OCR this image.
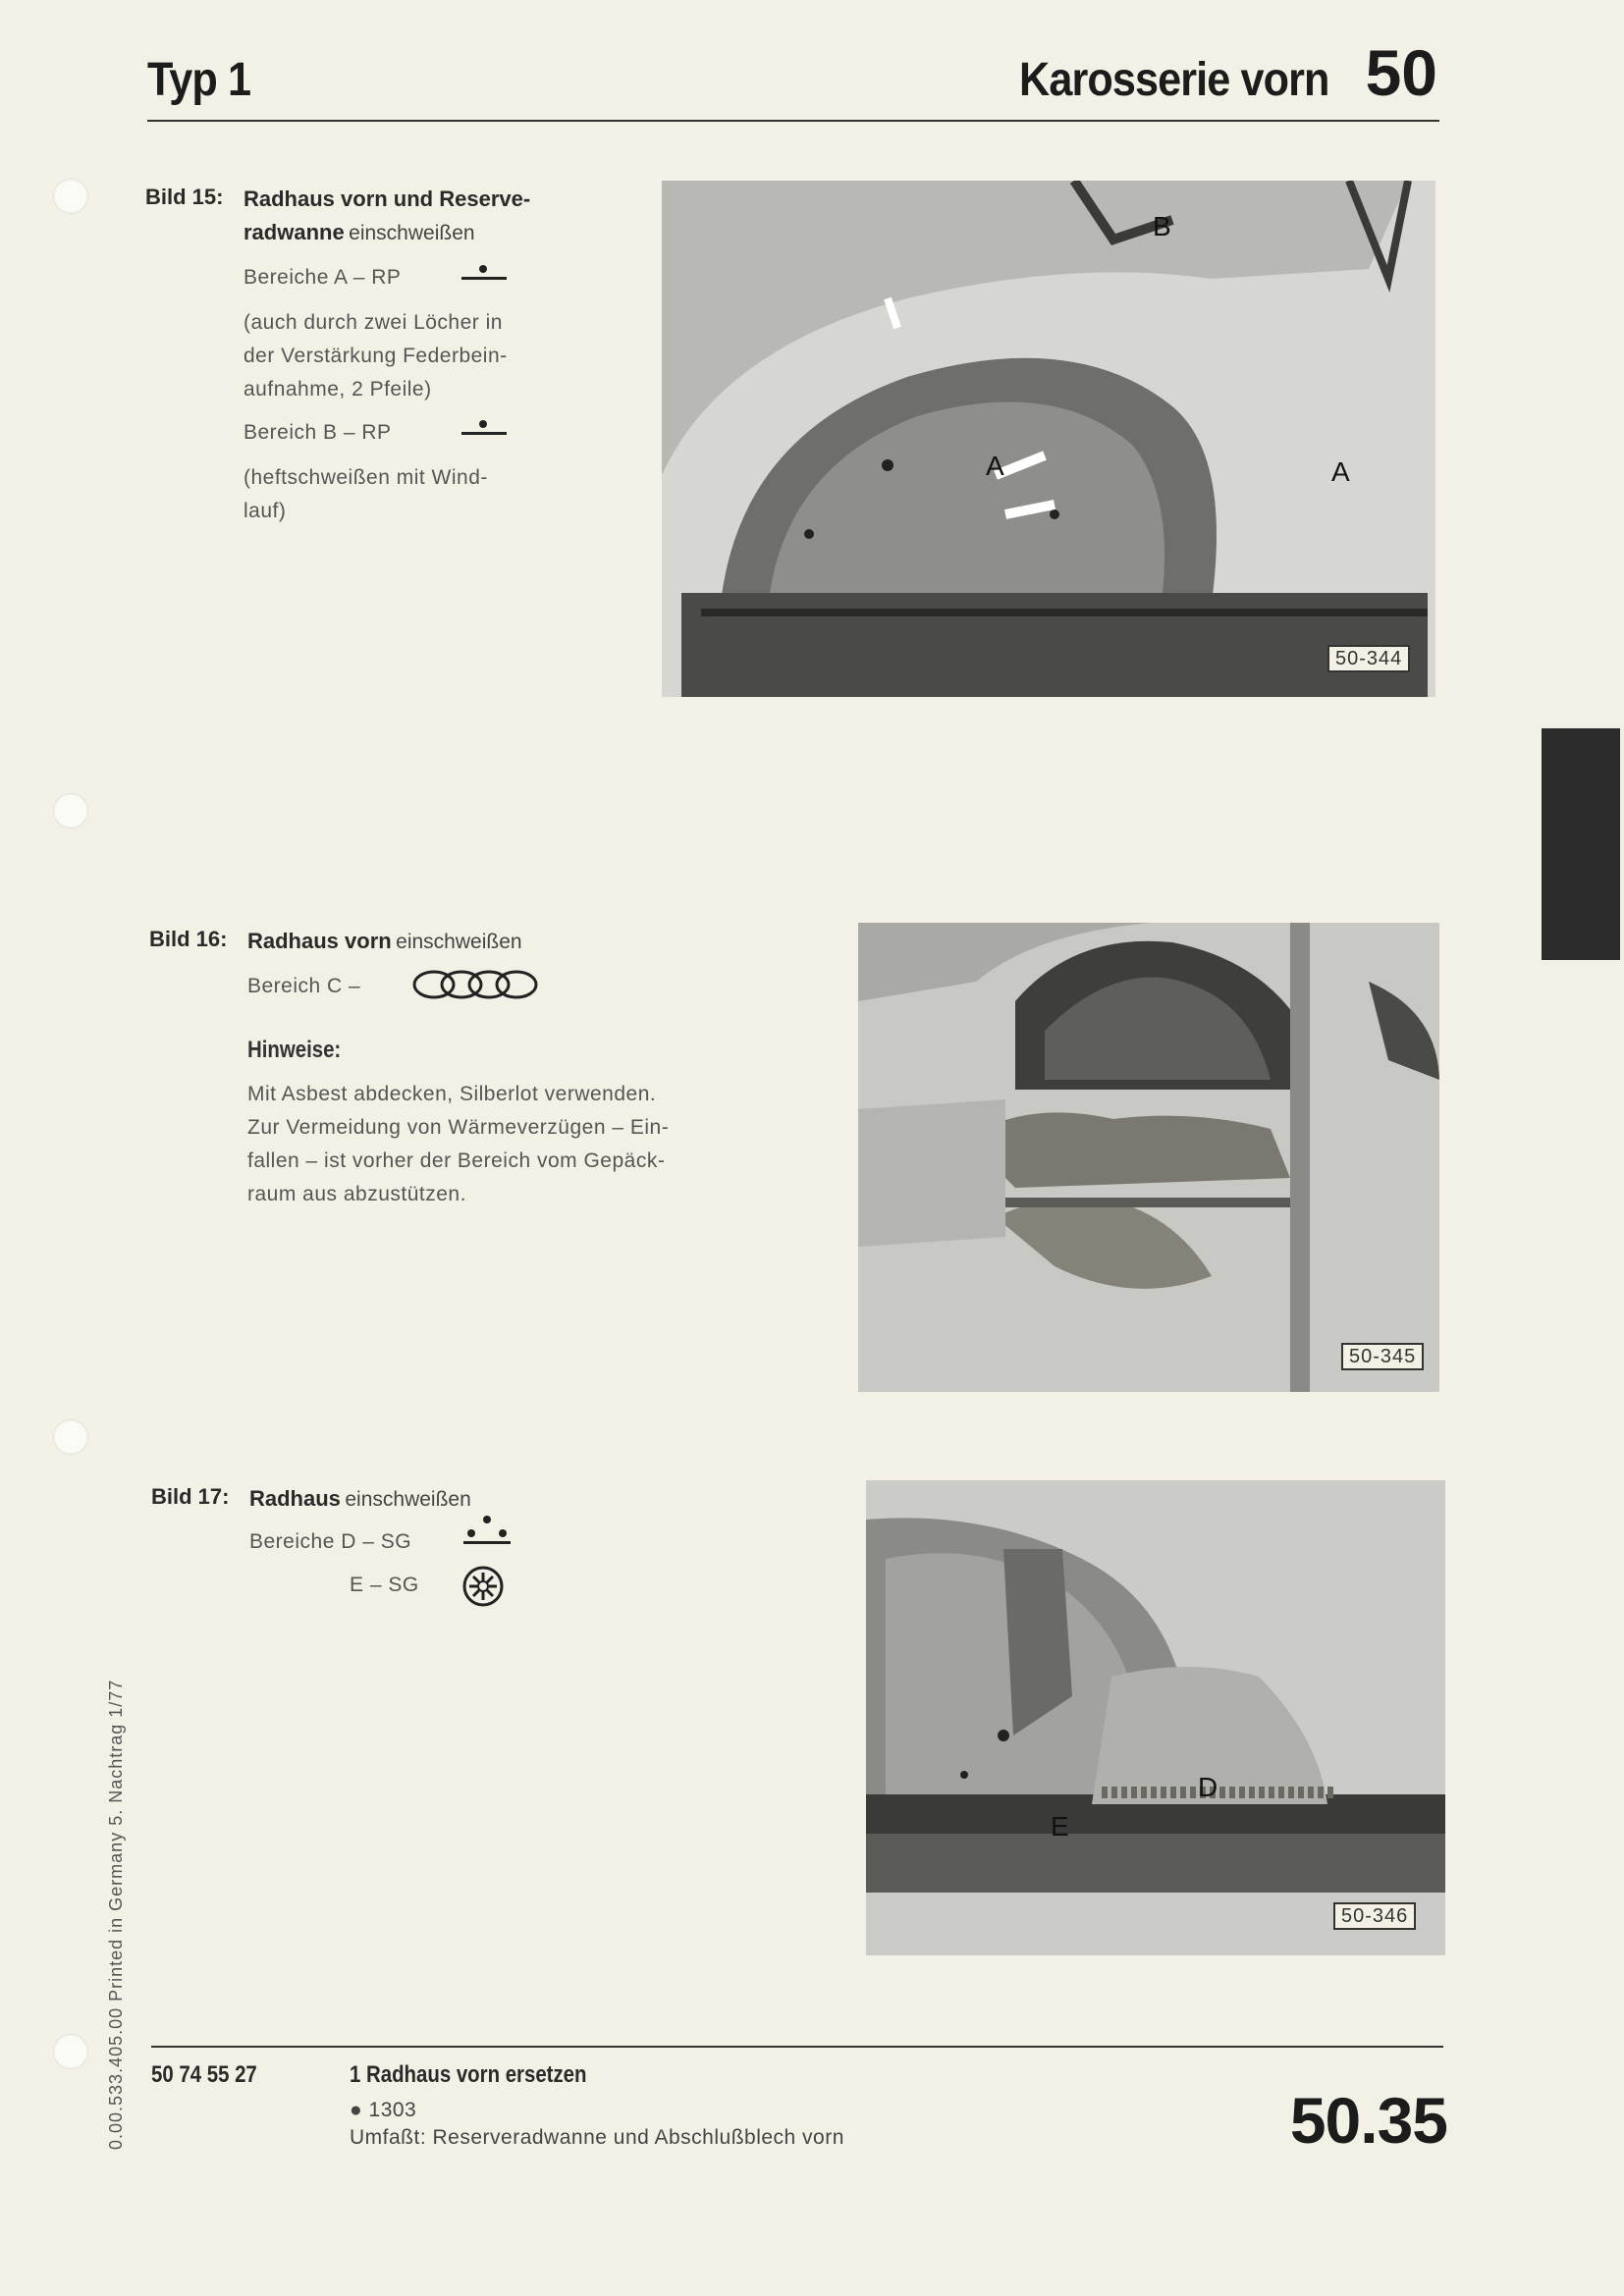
Typ 1	Karosserie vorn 50
Bild 15: Radhaus vorn und Reserve-
radwanne einschweißen
Bereiche A – RP
(auch durch zwei Löcher in
der Verstärkung Federbein-
aufnahme, 2 Pfeile)
Bereich B – RP
(heftschweißen mit Wind-
lauf)
A	A
B
50-344
Bild 16: Radhaus vorn einschweißen
Bereich C –
Hinweise:
Mit Asbest abdecken, Silberlot verwenden.
Zur Vermeidung von Wärmeverzügen – Ein-
fallen – ist vorher der Bereich vom Gepäck-
raum aus abzustützen.
50-345
Bild 17: Radhaus einschweißen
Bereiche D – SG
E – SG
D
E
50-346
50 74 55 27	1 Radhaus vorn ersetzen
● 1303
Umfaßt: Reserveradwanne und Abschlußblech vorn	50.35
0.00.533.405.00 Printed in Germany 5. Nachtrag 1/77
